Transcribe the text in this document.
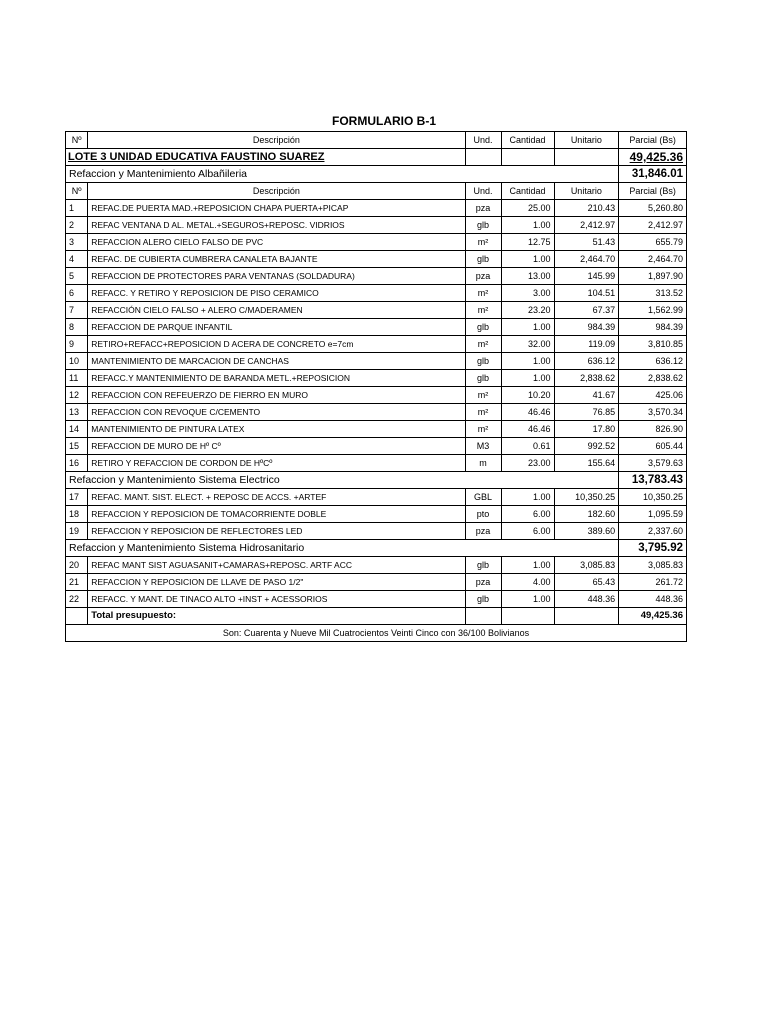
FORMULARIO B-1
Nº	Descripción	Und.	Cantidad	Unitario	Parcial (Bs)
LOTE 3 UNIDAD EDUCATIVA FAUSTINO SUAREZ					49,425.36
Refaccion y Mantenimiento Albañileria					31,846.01
Nº	Descripción	Und.	Cantidad	Unitario	Parcial (Bs)
1	REFAC.DE PUERTA MAD.+REPOSICION CHAPA PUERTA+PICAP	pza	25.00	210.43	5,260.80
2	REFAC VENTANA D AL. METAL.+SEGUROS+REPOSC. VIDRIOS	glb	1.00	2,412.97	2,412.97
3	REFACCION ALERO CIELO FALSO DE PVC	m²	12.75	51.43	655.79
4	REFAC. DE CUBIERTA CUMBRERA CANALETA BAJANTE	glb	1.00	2,464.70	2,464.70
5	REFACCION DE PROTECTORES PARA VENTANAS (SOLDADURA)	pza	13.00	145.99	1,897.90
6	REFACC. Y RETIRO Y REPOSICION DE PISO CERAMICO	m²	3.00	104.51	313.52
7	REFACCIÓN CIELO FALSO + ALERO C/MADERAMEN	m²	23.20	67.37	1,562.99
8	REFACCION DE PARQUE INFANTIL	glb	1.00	984.39	984.39
9	RETIRO+REFACC+REPOSICION D ACERA DE CONCRETO e=7cm	m²	32.00	119.09	3,810.85
10	MANTENIMIENTO DE MARCACION DE CANCHAS	glb	1.00	636.12	636.12
11	REFACC.Y MANTENIMIENTO DE BARANDA METL.+REPOSICION	glb	1.00	2,838.62	2,838.62
12	REFACCION CON REFEUERZO DE FIERRO EN MURO	m²	10.20	41.67	425.06
13	REFACCION CON REVOQUE C/CEMENTO	m²	46.46	76.85	3,570.34
14	MANTENIMIENTO DE PINTURA LATEX	m²	46.46	17.80	826.90
15	REFACCION DE MURO DE Hº Cº	M3	0.61	992.52	605.44
16	RETIRO Y REFACCION DE CORDON DE HºCº	m	23.00	155.64	3,579.63
Refaccion y Mantenimiento Sistema Electrico					13,783.43
17	REFAC. MANT. SIST. ELECT. + REPOSC DE ACCS. +ARTEF	GBL	1.00	10,350.25	10,350.25
18	REFACCION Y REPOSICION DE TOMACORRIENTE DOBLE	pto	6.00	182.60	1,095.59
19	REFACCION Y REPOSICION DE REFLECTORES LED	pza	6.00	389.60	2,337.60
Refaccion y Mantenimiento Sistema Hidrosanitario					3,795.92
20	REFAC MANT SIST AGUASANIT+CAMARAS+REPOSC. ARTF ACC	glb	1.00	3,085.83	3,085.83
21	REFACCION Y REPOSICION DE LLAVE DE PASO 1/2"	pza	4.00	65.43	261.72
22	REFACC. Y MANT. DE TINACO ALTO +INST + ACESSORIOS	glb	1.00	448.36	448.36
	Total presupuesto:				49,425.36
Son: Cuarenta y Nueve Mil Cuatrocientos Veinti Cinco con 36/100 Bolivianos					
